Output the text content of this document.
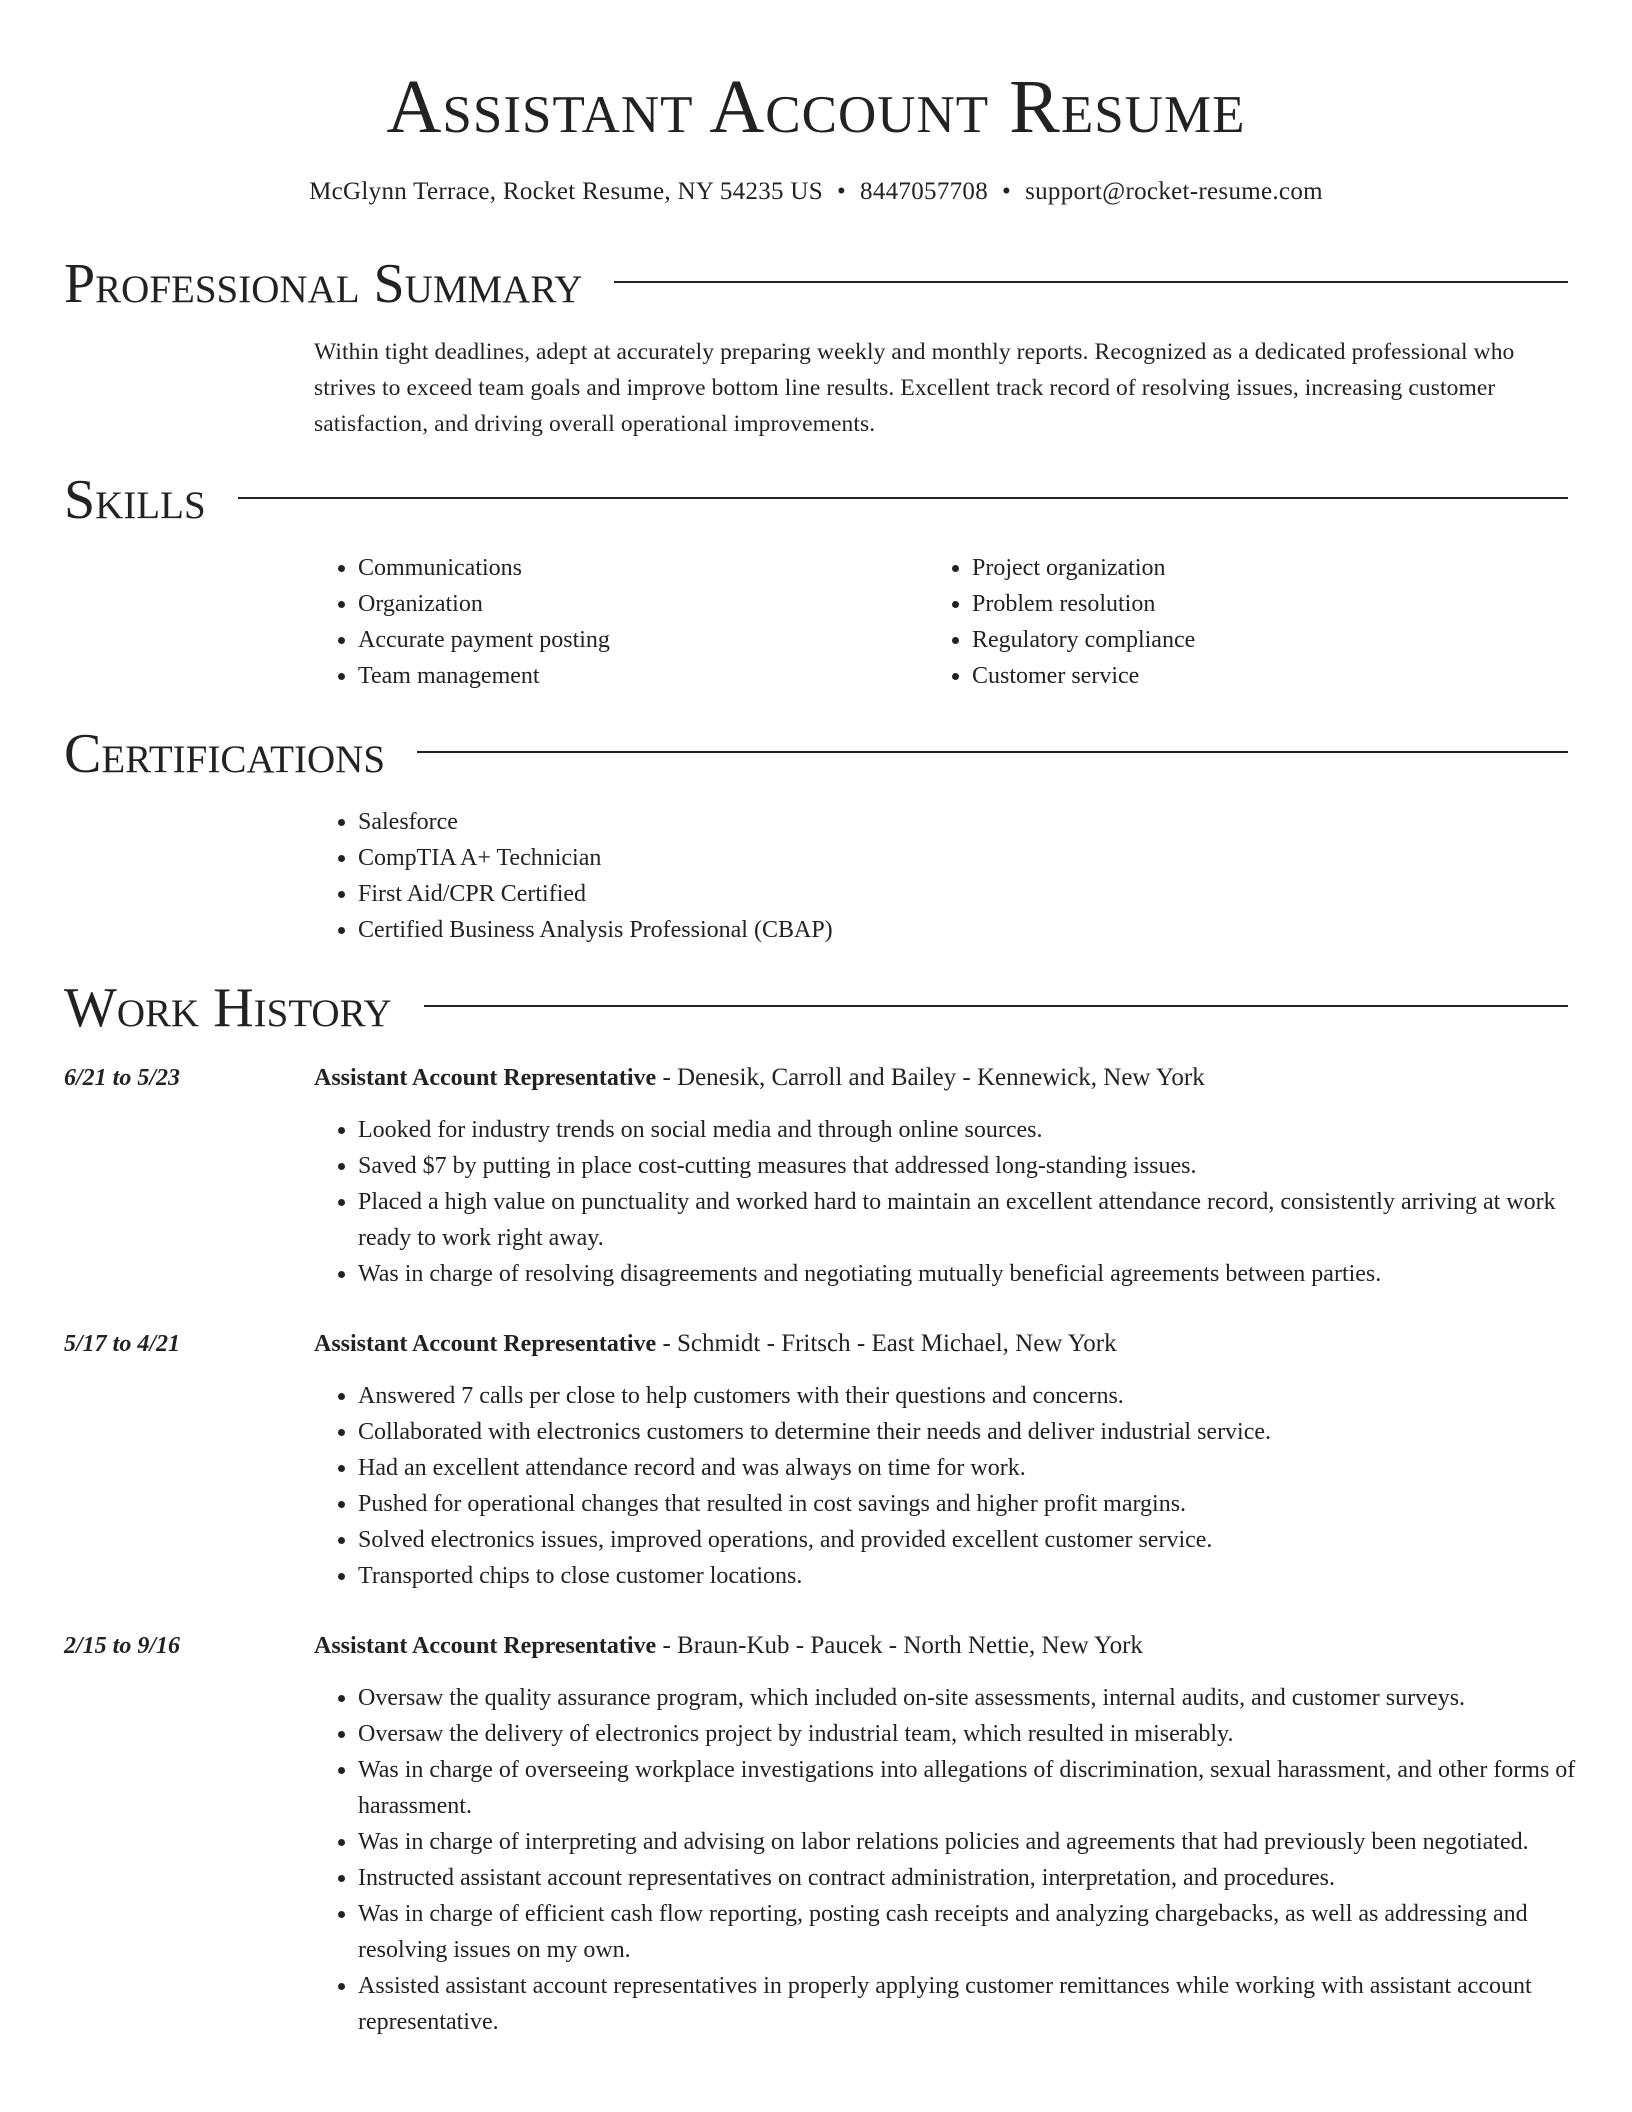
Assistant Account Resume
McGlynn Terrace, Rocket Resume, NY 54235 US • 8447057708 • support@rocket-resume.com
Professional Summary
Within tight deadlines, adept at accurately preparing weekly and monthly reports. Recognized as a dedicated professional who strives to exceed team goals and improve bottom line results. Excellent track record of resolving issues, increasing customer satisfaction, and driving overall operational improvements.
Skills
• Communications
• Organization
• Accurate payment posting
• Team management
• Project organization
• Problem resolution
• Regulatory compliance
• Customer service
Certifications
• Salesforce
• CompTIA A+ Technician
• First Aid/CPR Certified
• Certified Business Analysis Professional (CBAP)
Work History
6/21 to 5/23	Assistant Account Representative - Denesik, Carroll and Bailey - Kennewick, New York
• Looked for industry trends on social media and through online sources.
• Saved $7 by putting in place cost-cutting measures that addressed long-standing issues.
• Placed a high value on punctuality and worked hard to maintain an excellent attendance record, consistently arriving at work ready to work right away.
• Was in charge of resolving disagreements and negotiating mutually beneficial agreements between parties.
5/17 to 4/21	Assistant Account Representative - Schmidt - Fritsch - East Michael, New York
• Answered 7 calls per close to help customers with their questions and concerns.
• Collaborated with electronics customers to determine their needs and deliver industrial service.
• Had an excellent attendance record and was always on time for work.
• Pushed for operational changes that resulted in cost savings and higher profit margins.
• Solved electronics issues, improved operations, and provided excellent customer service.
• Transported chips to close customer locations.
2/15 to 9/16	Assistant Account Representative - Braun-Kub - Paucek - North Nettie, New York
• Oversaw the quality assurance program, which included on-site assessments, internal audits, and customer surveys.
• Oversaw the delivery of electronics project by industrial team, which resulted in miserably.
• Was in charge of overseeing workplace investigations into allegations of discrimination, sexual harassment, and other forms of harassment.
• Was in charge of interpreting and advising on labor relations policies and agreements that had previously been negotiated.
• Instructed assistant account representatives on contract administration, interpretation, and procedures.
• Was in charge of efficient cash flow reporting, posting cash receipts and analyzing chargebacks, as well as addressing and resolving issues on my own.
• Assisted assistant account representatives in properly applying customer remittances while working with assistant account representative.
